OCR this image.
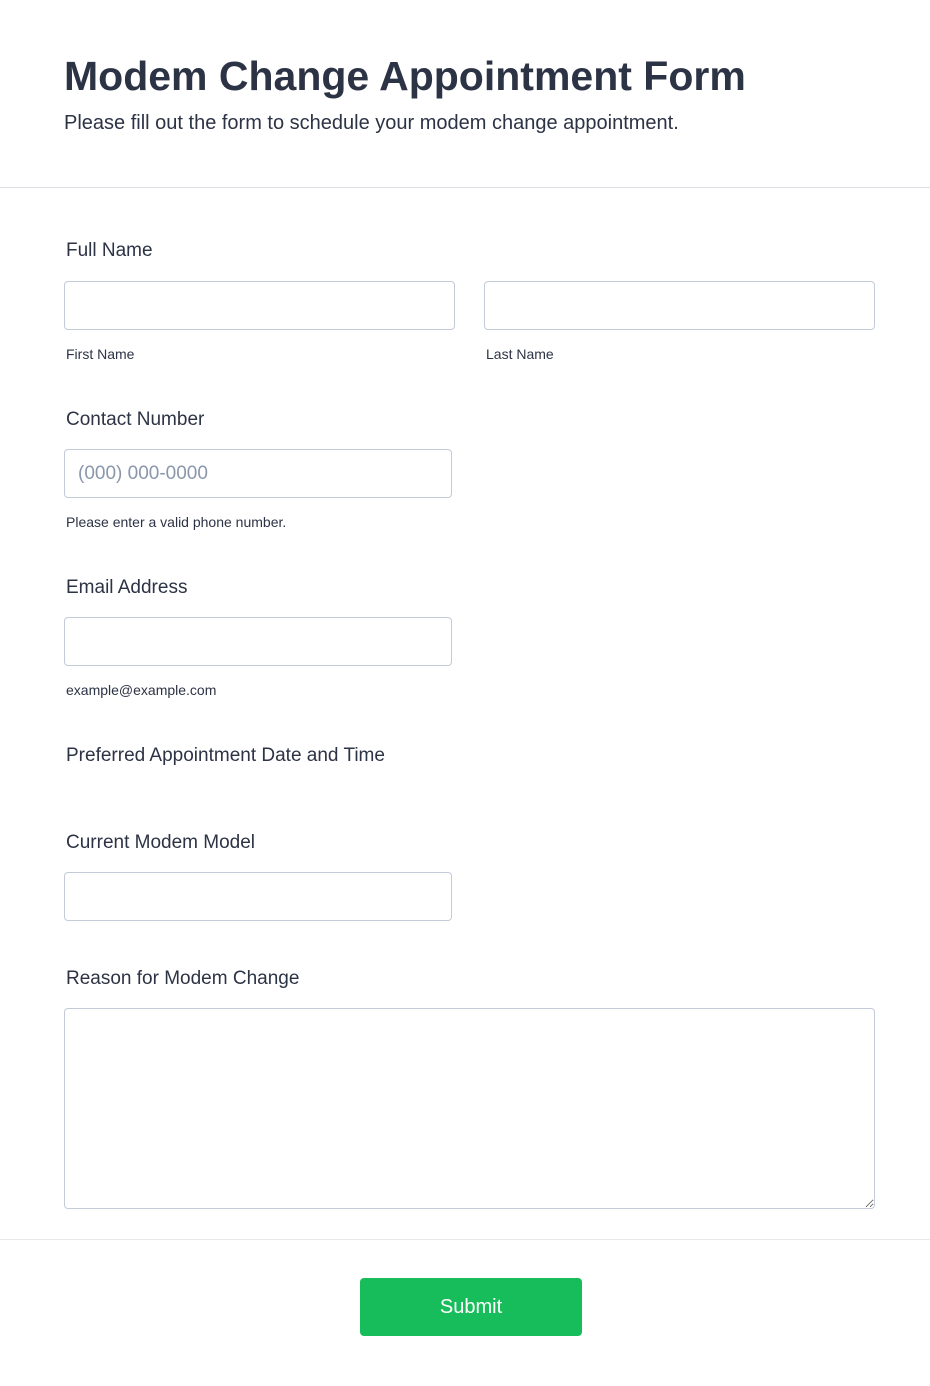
Modem Change Appointment Form

Please fill out the form to schedule your modem change appointment.

Full Name
First Name	Last Name
Contact Number
(000) 000-0000
Please enter a valid phone number.
Email Address
example@example.com
Preferred Appointment Date and Time
Current Modem Model
Reason for Modem Change
Submit
